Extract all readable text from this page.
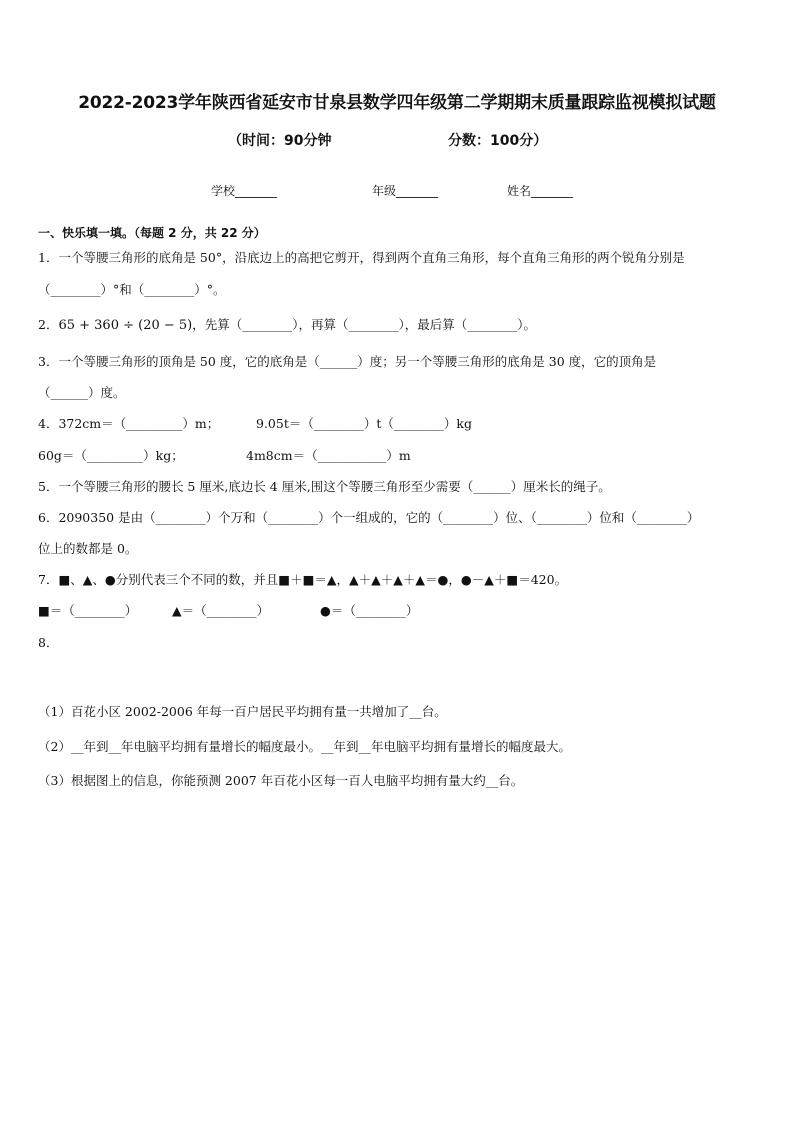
2022-2023学年陕西省延安市甘泉县数学四年级第二学期期末质量跟踪监视模拟试题
（时间：90分钟	分数：100分）
学校_______	年级_______	姓名_______
一、快乐填一填。（每题 2 分，共 22 分）
1．一个等腰三角形的底角是 50°，沿底边上的高把它剪开，得到两个直角三角形，每个直角三角形的两个锐角分别是
（________）°和（________）°。
2．65 + 360 ÷ (20 − 5)，先算（________），再算（________），最后算（________）。
3．一个等腰三角形的顶角是 50 度，它的底角是（______）度；另一个等腰三角形的底角是 30 度，它的顶角是
（______）度。
4．372cm＝（_________）m；	9.05t＝（________）t（________）kg
60g＝（_________）kg；	4m8cm＝（___________）m
5．一个等腰三角形的腰长 5 厘米,底边长 4 厘米,围这个等腰三角形至少需要（______）厘米长的绳子。
6．2090350 是由（________）个万和（________）个一组成的，它的（________）位、（________）位和（________）
位上的数都是 0。
7．■、▲、●分别代表三个不同的数，并且■＋■＝▲，▲＋▲＋▲＋▲＝●，●－▲＋■＝420。
■＝（________）	▲＝（________）	●＝（________）
8．
（1）百花小区 2002-2006 年每一百户居民平均拥有量一共增加了__台。
（2）__年到__年电脑平均拥有量增长的幅度最小。__年到__年电脑平均拥有量增长的幅度最大。
（3）根据图上的信息，你能预测 2007 年百花小区每一百人电脑平均拥有量大约__台。
